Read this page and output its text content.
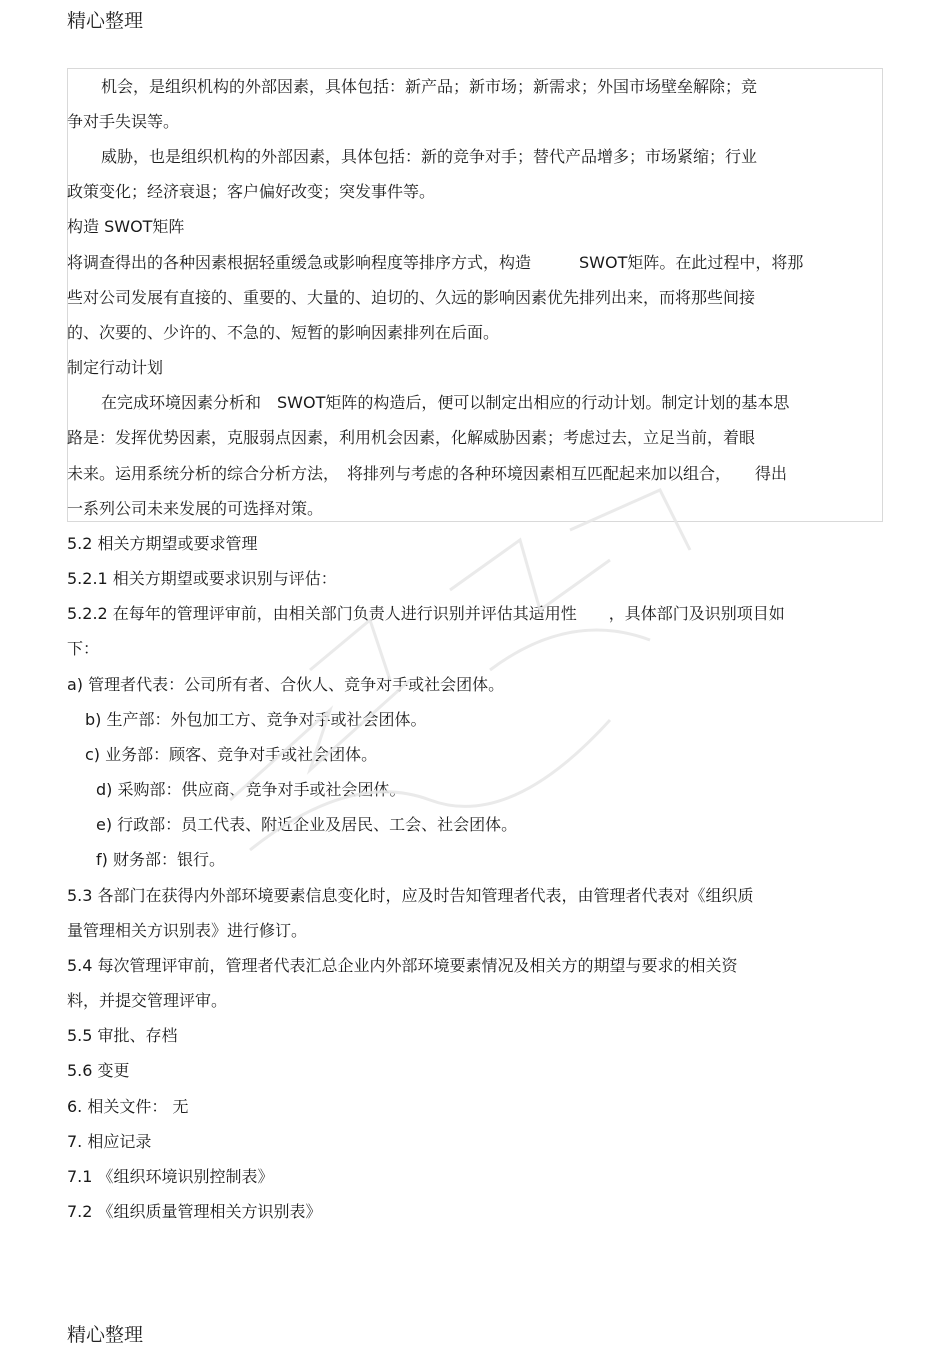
精心整理
机会，是组织机构的外部因素，具体包括：新产品；新市场；新需求；外国市场壁垒解除；竞
争对手失误等。
威胁，也是组织机构的外部因素，具体包括：新的竞争对手；替代产品增多；市场紧缩；行业
政策变化；经济衰退；客户偏好改变；突发事件等。
构造 SWOT矩阵
将调查得出的各种因素根据轻重缓急或影响程度等排序方式，构造　　　SWOT矩阵。在此过程中，将那
些对公司发展有直接的、重要的、大量的、迫切的、久远的影响因素优先排列出来，而将那些间接
的、次要的、少许的、不急的、短暂的影响因素排列在后面。
制定行动计划
在完成环境因素分析和　SWOT矩阵的构造后，便可以制定出相应的行动计划。制定计划的基本思
路是：发挥优势因素，克服弱点因素，利用机会因素，化解威胁因素；考虑过去，立足当前，着眼
未来。运用系统分析的综合分析方法，　将排列与考虑的各种环境因素相互匹配起来加以组合，　　得出
一系列公司未来发展的可选择对策。
5.2 相关方期望或要求管理
5.2.1 相关方期望或要求识别与评估：
5.2.2 在每年的管理评审前，由相关部门负责人进行识别并评估其适用性　　，具体部门及识别项目如
下：
a) 管理者代表：公司所有者、合伙人、竞争对手或社会团体。
b) 生产部：外包加工方、竞争对手或社会团体。
c) 业务部：顾客、竞争对手或社会团体。
d) 采购部：供应商、竞争对手或社会团体。
e) 行政部：员工代表、附近企业及居民、工会、社会团体。
f) 财务部：银行。
5.3 各部门在获得内外部环境要素信息变化时，应及时告知管理者代表，由管理者代表对《组织质
量管理相关方识别表》进行修订。
5.4 每次管理评审前，管理者代表汇总企业内外部环境要素情况及相关方的期望与要求的相关资
料，并提交管理评审。
5.5 审批、存档
5.6 变更
6. 相关文件： 无
7. 相应记录
7.1 《组织环境识别控制表》
7.2 《组织质量管理相关方识别表》
精心整理
